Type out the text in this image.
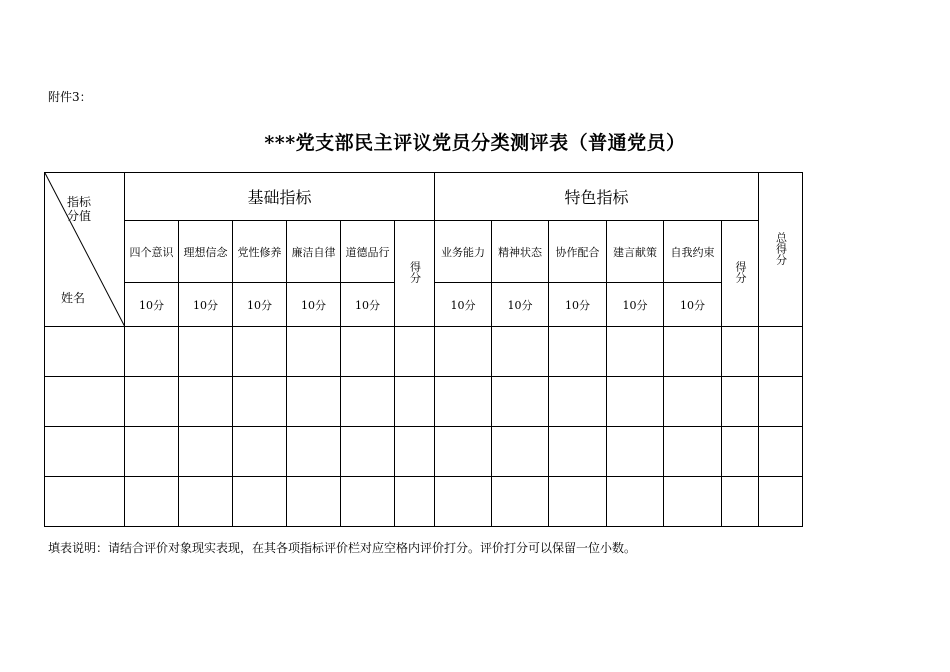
附件3：
***党支部民主评议党员分类测评表（普通党员）
指标
分值
姓名	基础指标						特色指标						总得分
	四个意识	理想信念	党性修养	廉洁自律	道德品行	得分	业务能力	精神状态	协作配合	建言献策	自我约束	得分	
	10分	10分	10分	10分	10分		10分	10分	10分	10分	10分		

填表说明：请结合评价对象现实表现，在其各项指标评价栏对应空格内评价打分。评价打分可以保留一位小数。
